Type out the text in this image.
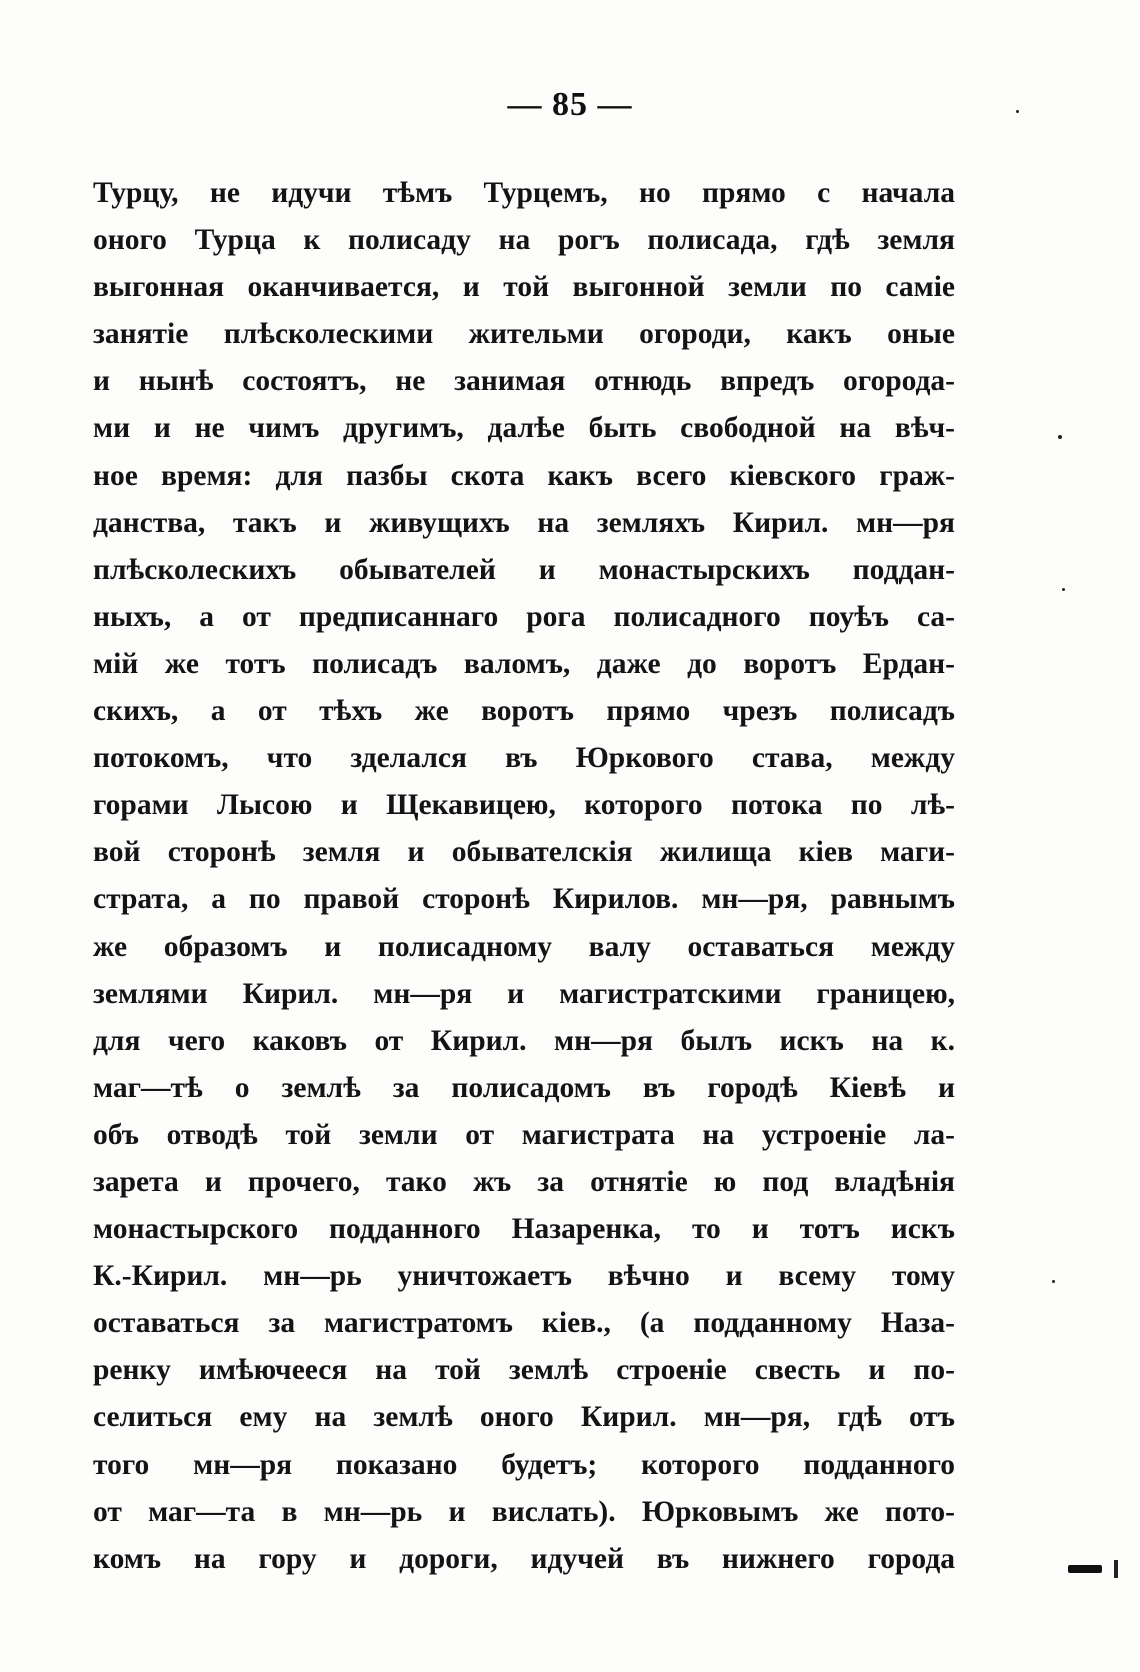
— 85 —
Турцу, не идучи тѣмъ Турцемъ, но прямо с начала
оного Турца к полисаду на рогъ полисада, гдѣ земля
выгонная оканчивается, и той выгонной земли по самiе
занятiе плѣсколескими жительми огороди, какъ оные
и нынѣ состоятъ, не занимая отнюдь впредъ огорода-
ми и не чимъ другимъ, далѣе быть свободной на вѣч-
ное время: для пазбы скота какъ всего кiевского граж-
данства, такъ и живущихъ на земляхъ Кирил. мн—ря
плѣсколескихъ обывателей и монастырскихъ поддан-
ныхъ, а от предписаннаго рога полисадного поуѣъ са-
мiй же тотъ полисадъ валомъ, даже до воротъ Ердан-
скихъ, а от тѣхъ же воротъ прямо чрезъ полисадъ
потокомъ, что зделался въ Юркового става, между
горами Лысою и Щекавицею, которого потока по лѣ-
вой сторонѣ земля и обывателскiя жилища кiев маги-
страта, а по правой сторонѣ Кирилов. мн—ря, равнымъ
же образомъ и полисадному валу оставаться между
землями Кирил. мн—ря и магистратскими границею,
для чего каковъ от Кирил. мн—ря былъ искъ на к.
маг—тѣ о землѣ за полисадомъ въ городѣ Кiевѣ и
объ отводѣ той земли от магистрата на устроенiе ла-
зарета и прочего, тако жъ за отнятiе ю под владѣнiя
монастырского подданного Назаренка, то и тотъ искъ
К.-Кирил. мн—рь уничтожаетъ вѣчно и всему тому
оставаться за магистратомъ кiев., (а подданному Наза-
ренку имѣючееся на той землѣ строенiе свесть и по-
селиться ему на землѣ оного Кирил. мн—ря, гдѣ отъ
того мн—ря показано будетъ; которого подданного
от маг—та в мн—рь и вислать). Юрковымъ же пото-
комъ на гору и дороги, идучей въ нижнего города
